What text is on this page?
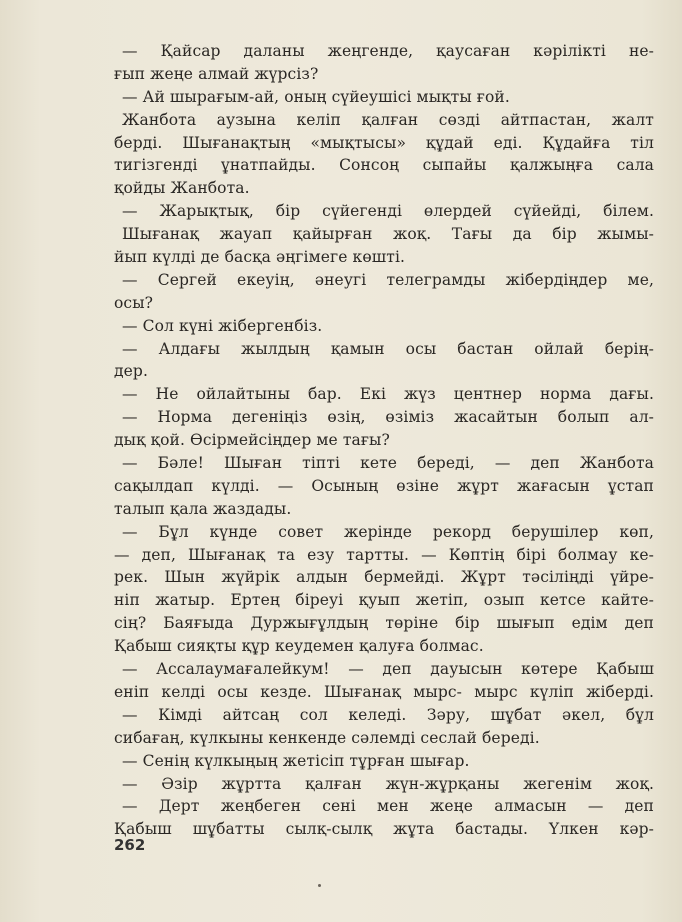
— Қайсар даланы жеңгенде, қаусаған кәрілікті не-
ғып жеңе алмай жүрсіз?
— Ай шырағым-ай, оның сүйеушісі мықты ғой.
Жанбота аузына келіп қалған сөзді айтпастан, жалт
берді. Шығанақтың «мықтысы» құдай еді. Құдайға тіл
тигізгенді ұнатпайды. Сонсоң сыпайы қалжыңға сала
қойды Жанбота.
— Жарықтық, бір сүйегенді өлердей сүйейді, білем.
Шығанақ жауап қайырған жоқ. Тағы да бір жымы-
йып күлді де басқа әңгімеге көшті.
— Сергей екеуің, әнеугі телеграмды жібердіңдер ме,
осы?
— Сол күні жібергенбіз.
— Алдағы жылдың қамын осы бастан ойлай берің-
дер.
— Не ойлайтыны бар. Екі жүз центнер норма дағы.
— Норма дегеніңіз өзің, өзіміз жасайтын болып ал-
дық қой. Өсірмейсіңдер ме тағы?
— Бәле! Шыған тіпті кете береді, — деп Жанбота
сақылдап күлді. — Осының өзіне жұрт жағасын ұстап
талып қала жаздады.
— Бұл күнде совет жерінде рекорд берушілер көп,
— деп, Шығанақ та езу тартты. — Көптің бірі болмау ке-
рек. Шын жүйрік алдын бермейді. Жұрт тәсіліңді үйре-
ніп жатыр. Ертең біреуі қуып жетіп, озып кетсе кайте-
сің? Баяғыда Дуржығұлдың төріне бір шығып едім деп
Қабыш сияқты құр кеудемен қалуға болмас.
— Ассалаумағалейкум! — деп дауысын көтере Қабыш
еніп келді осы кезде. Шығанақ мырс- мырс күліп жіберді.
— Кімді айтсаң сол келеді. Зәру, шұбат әкел, бұл
сибағаң, күлкыны кенкенде сәлемді сеслай береді.
— Сенің күлкыңың жетісіп тұрған шығар.
— Әзір жұртта қалған жүн-жұрқаны жегенім жоқ.
— Дерт жеңбеген сені мен жеңе алмасын — деп
Қабыш шұбатты сылқ-сылқ жұта бастады. Үлкен кәр-
262
